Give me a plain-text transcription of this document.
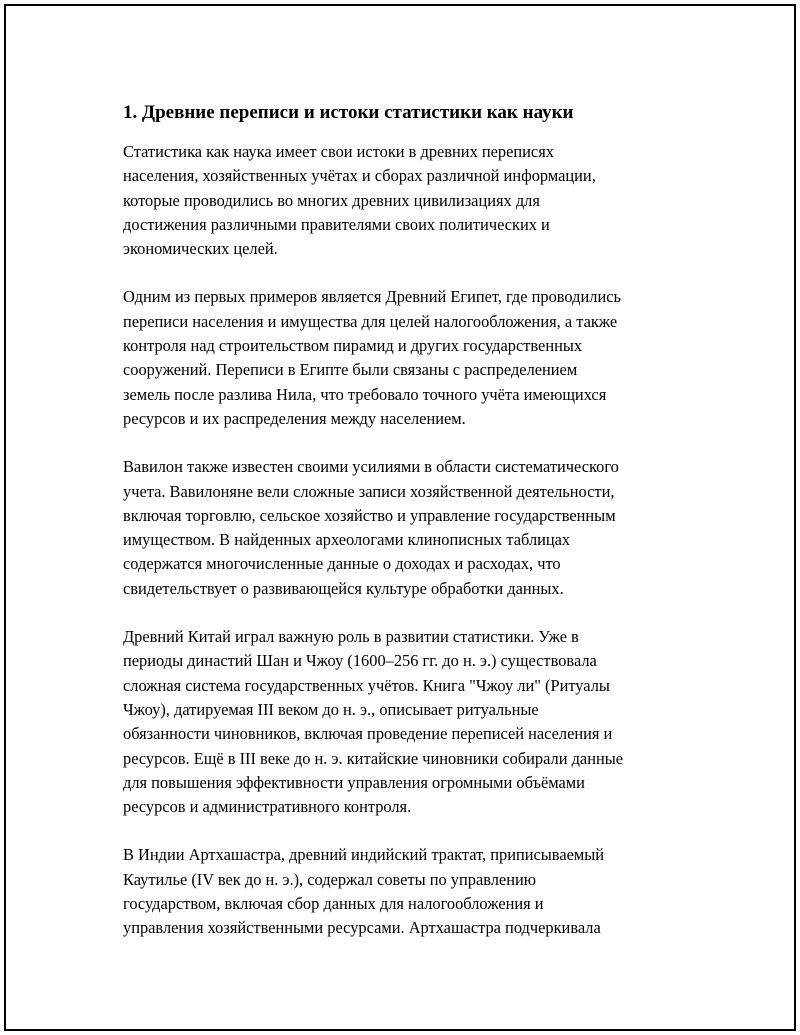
1. Древние переписи и истоки статистики как науки

Статистика как наука имеет свои истоки в древних переписях
населения, хозяйственных учётах и сборах различной информации,
которые проводились во многих древних цивилизациях для
достижения различными правителями своих политических и
экономических целей.

Одним из первых примеров является Древний Египет, где проводились
переписи населения и имущества для целей налогообложения, а также
контроля над строительством пирамид и других государственных
сооружений. Переписи в Египте были связаны с распределением
земель после разлива Нила, что требовало точного учёта имеющихся
ресурсов и их распределения между населением.

Вавилон также известен своими усилиями в области систематического
учета. Вавилоняне вели сложные записи хозяйственной деятельности,
включая торговлю, сельское хозяйство и управление государственным
имуществом. В найденных археологами клинописных таблицах
содержатся многочисленные данные о доходах и расходах, что
свидетельствует о развивающейся культуре обработки данных.

Древний Китай играл важную роль в развитии статистики. Уже в
периоды династий Шан и Чжоу (1600–256 гг. до н. э.) существовала
сложная система государственных учётов. Книга "Чжоу ли" (Ритуалы
Чжоу), датируемая III веком до н. э., описывает ритуальные
обязанности чиновников, включая проведение переписей населения и
ресурсов. Ещё в III веке до н. э. китайские чиновники собирали данные
для повышения эффективности управления огромными объёмами
ресурсов и административного контроля.

В Индии Артхашастра, древний индийский трактат, приписываемый
Каутилье (IV век до н. э.), содержал советы по управлению
государством, включая сбор данных для налогообложения и
управления хозяйственными ресурсами. Артхашастра подчеркивала
